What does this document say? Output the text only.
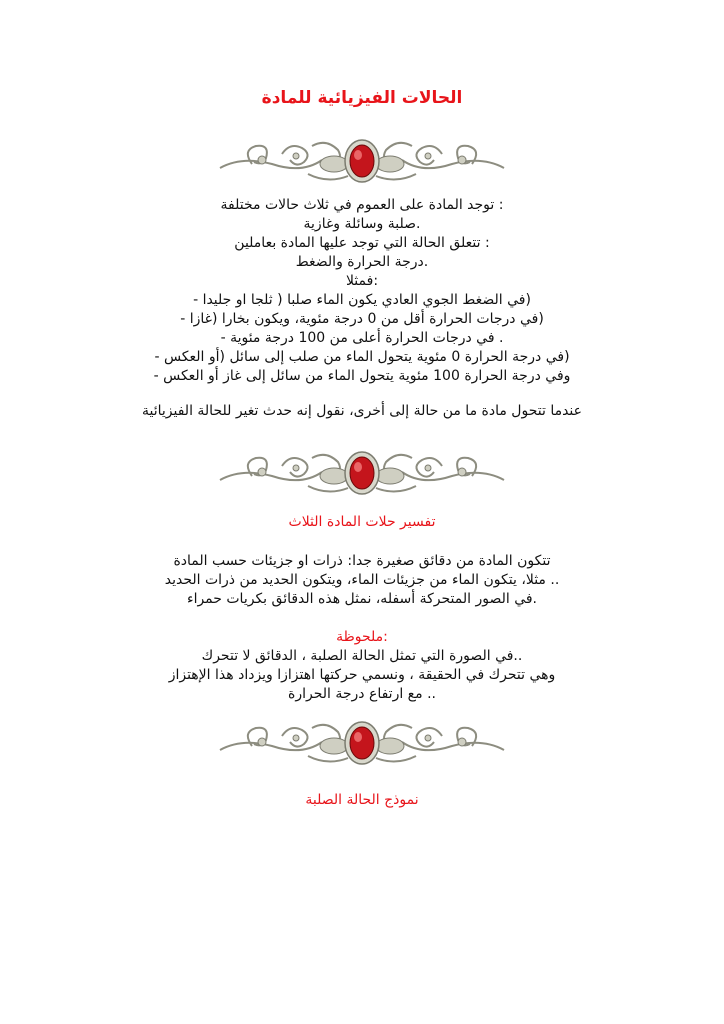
الحالات الفيزيائية للمادة

: توجد المادة على العموم في ثلاث حالات مختلفة

.صلبة وسائلة وغازية

: تتعلق الحالة التي توجد عليها المادة بعاملين

.درجة الحرارة والضغط

:فمثلا

(في الضغط الجوي العادي يكون الماء صلبا ( ثلجا او جليدا -

(في درجات الحرارة أقل من 0 درجة مئوية، ويكون بخارا (غازا -

. في درجات الحرارة أعلى من 100 درجة مئوية -

(في درجة الحرارة 0 مئوية يتحول الماء من صلب إلى سائل (أو العكس -

وفي درجة الحرارة 100 مئوية يتحول الماء من سائل إلى غاز أو العكس -

عندما تتحول مادة ما من حالة إلى أخرى، نقول إنه حدث تغير للحالة الفيزيائية

تفسير حلات المادة الثلاث

تتكون المادة من دقائق صغيرة جدا: ذرات او جزيئات حسب المادة

.. مثلا، يتكون الماء من جزيئات الماء، ويتكون الحديد من ذرات الحديد

.في الصور المتحركة أسفله، نمثل هذه الدقائق بكريات حمراء

:ملحوظة

..في الصورة التي تمثل الحالة الصلبة ، الدقائق لا تتحرك

وهي تتحرك في الحقيقة ، ونسمي حركتها اهتزازا ويزداد هذا الإهتزاز

.. مع ارتفاع درجة الحرارة

نموذج الحالة الصلبة
